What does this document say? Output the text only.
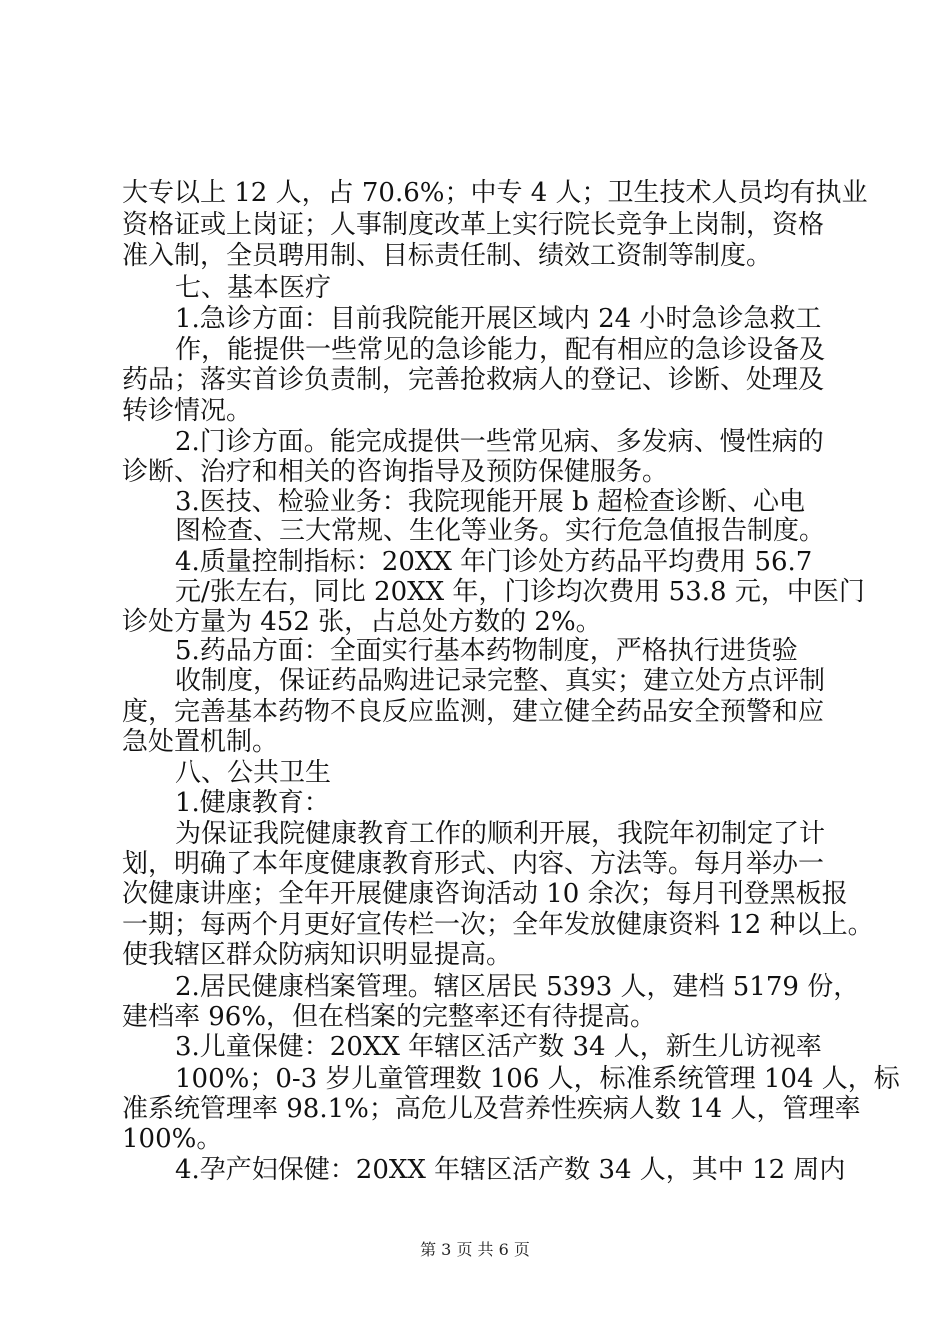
大专以上 12 人，占 70.6%；中专 4 人；卫生技术人员均有执业
资格证或上岗证；人事制度改革上实行院长竞争上岗制，资格
准入制，全员聘用制、目标责任制、绩效工资制等制度。
七、基本医疗
1.急诊方面：目前我院能开展区域内 24 小时急诊急救工
作，能提供一些常见的急诊能力，配有相应的急诊设备及
药品；落实首诊负责制，完善抢救病人的登记、诊断、处理及
转诊情况。
2.门诊方面。能完成提供一些常见病、多发病、慢性病的
诊断、治疗和相关的咨询指导及预防保健服务。
3.医技、检验业务：我院现能开展 b 超检查诊断、心电
图检查、三大常规、生化等业务。实行危急值报告制度。
4.质量控制指标：20XX 年门诊处方药品平均费用 56.7
元/张左右，同比 20XX 年，门诊均次费用 53.8 元，中医门
诊处方量为 452 张，占总处方数的 2%。
5.药品方面：全面实行基本药物制度，严格执行进货验
收制度，保证药品购进记录完整、真实；建立处方点评制
度，完善基本药物不良反应监测，建立健全药品安全预警和应
急处置机制。
八、公共卫生
1.健康教育：
为保证我院健康教育工作的顺利开展，我院年初制定了计
划，明确了本年度健康教育形式、内容、方法等。每月举办一
次健康讲座；全年开展健康咨询活动 10 余次；每月刊登黑板报
一期；每两个月更好宣传栏一次；全年发放健康资料 12 种以上。
使我辖区群众防病知识明显提高。
2.居民健康档案管理。辖区居民 5393 人，建档 5179 份，
建档率 96%，但在档案的完整率还有待提高。
3.儿童保健：20XX 年辖区活产数 34 人，新生儿访视率
100%；0-3 岁儿童管理数 106 人，标准系统管理 104 人，标
准系统管理率 98.1%；高危儿及营养性疾病人数 14 人，管理率
100%。
4.孕产妇保健：20XX 年辖区活产数 34 人，其中 12 周内
第 3 页 共 6 页
